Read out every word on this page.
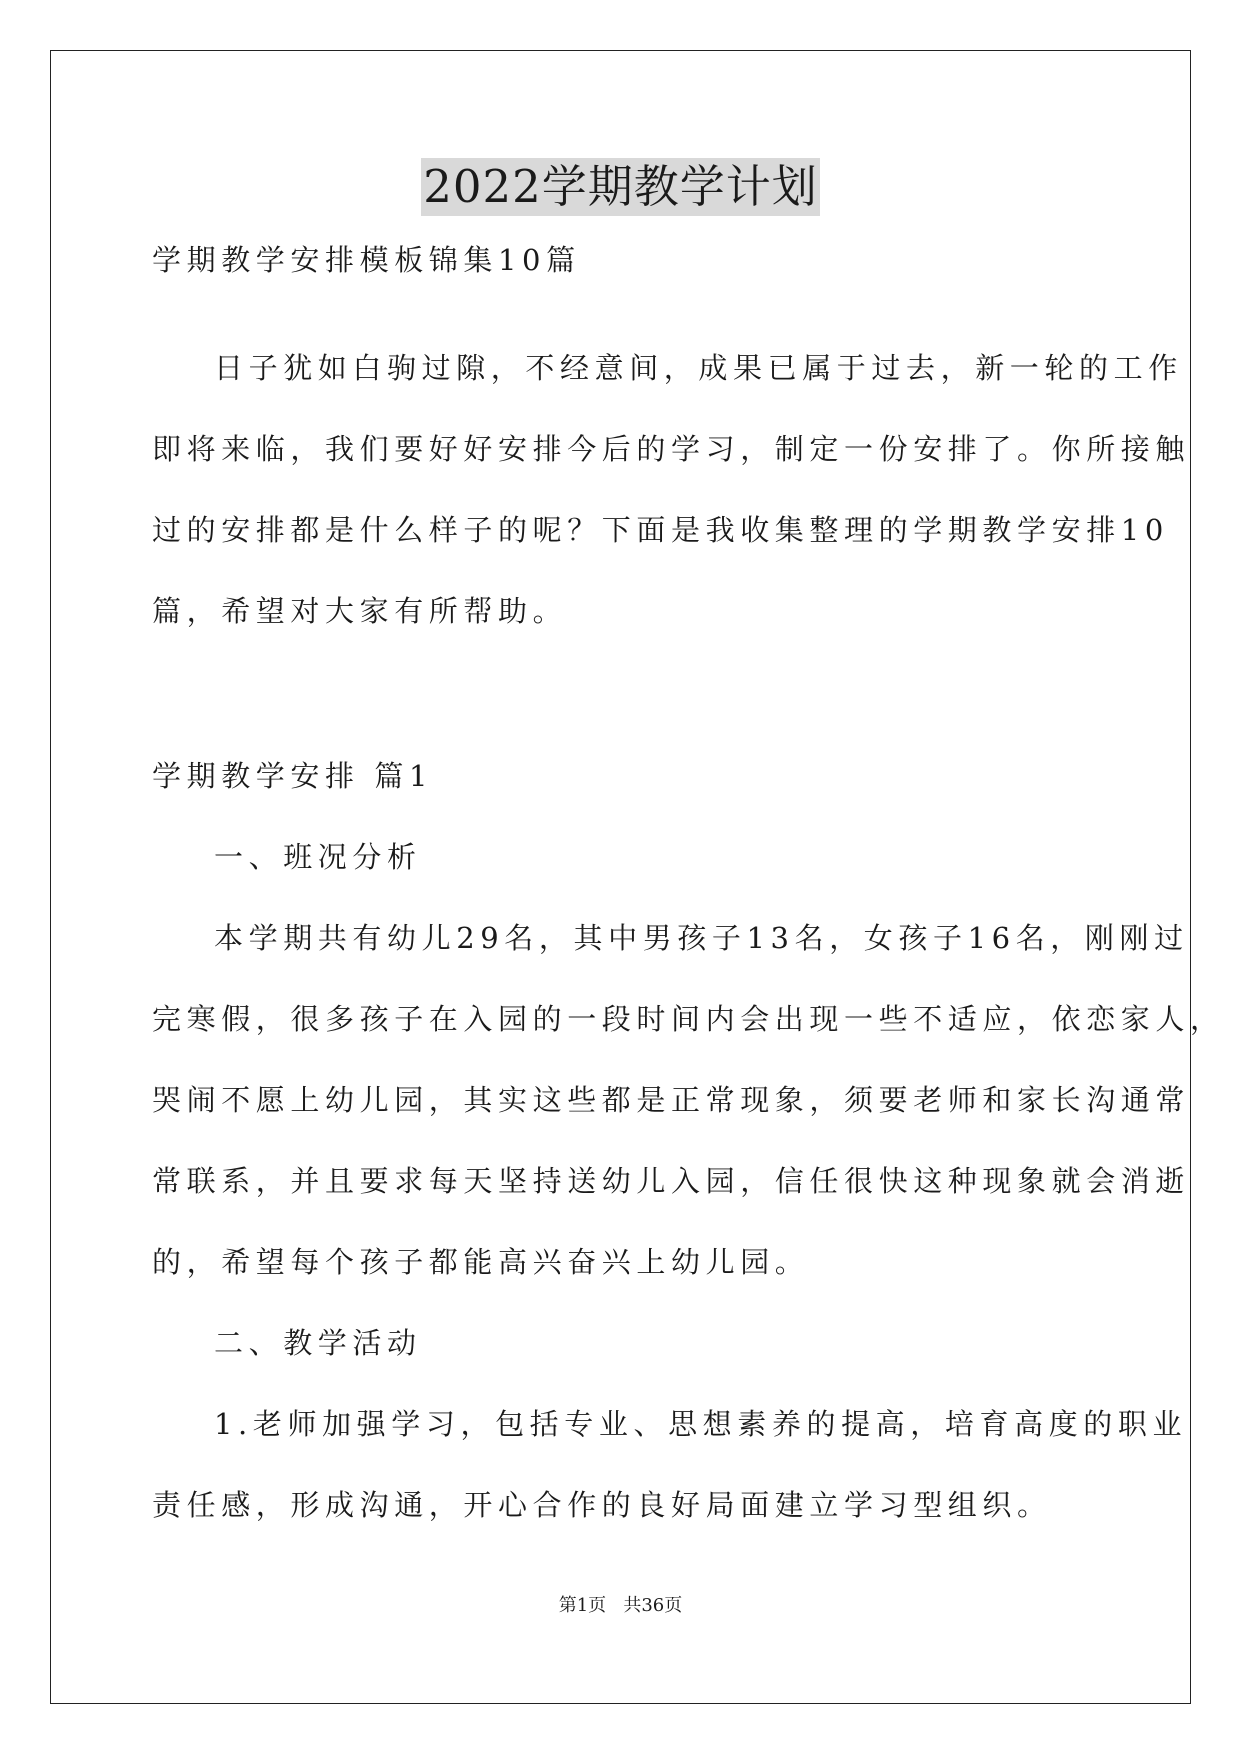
2022学期教学计划
学期教学安排模板锦集10篇
日子犹如白驹过隙，不经意间，成果已属于过去，新一轮的工作
即将来临，我们要好好安排今后的学习，制定一份安排了。你所接触
过的安排都是什么样子的呢？下面是我收集整理的学期教学安排10
篇，希望对大家有所帮助。
学期教学安排 篇1
一、班况分析
本学期共有幼儿29名，其中男孩子13名，女孩子16名，刚刚过
完寒假，很多孩子在入园的一段时间内会出现一些不适应，依恋家人，
哭闹不愿上幼儿园，其实这些都是正常现象，须要老师和家长沟通常
常联系，并且要求每天坚持送幼儿入园，信任很快这种现象就会消逝
的，希望每个孩子都能高兴奋兴上幼儿园。
二、教学活动
1.老师加强学习，包括专业、思想素养的提高，培育高度的职业
责任感，形成沟通，开心合作的良好局面建立学习型组织。
第1页   共36页
